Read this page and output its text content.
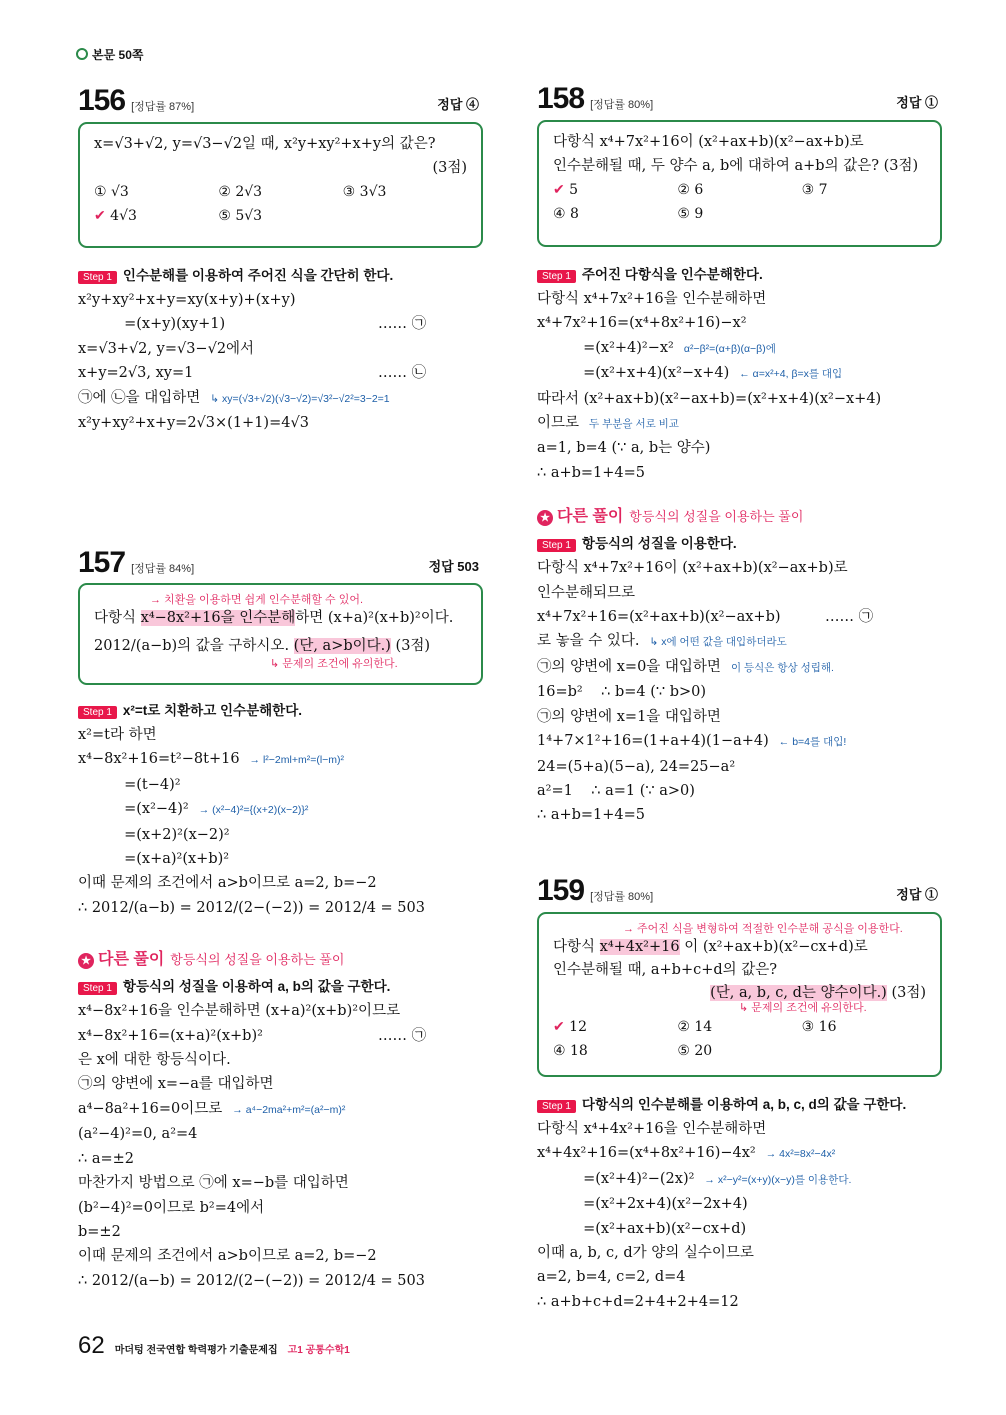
본문 50쪽
156 [정답률 87%]	정답 ④
x=√3+√2, y=√3−√2일 때, x²y+xy²+x+y의 값은?
(3점)
① √3	② 2√3	③ 3√3
✔ 4√3	⑤ 5√3
Step 1 인수분해를 이용하여 주어진 식을 간단히 한다.
x²y+xy²+x+y=xy(x+y)+(x+y)
=(x+y)(xy+1)	…… ㉠
x=√3+√2, y=√3−√2에서
x+y=2√3, xy=1	…… ㉡
㉠에 ㉡을 대입하면 ↳ xy=(√3+√2)(√3−√2)=√3²−√2²=3−2=1
x²y+xy²+x+y=2√3×(1+1)=4√3
157 [정답률 84%]	정답 503
→ 치환을 이용하면 쉽게 인수분해할 수 있어.
다항식 x⁴−8x²+16을 인수분해하면 (x+a)²(x+b)²이다.
2012/(a−b)의 값을 구하시오. (단, a>b이다.) (3점)
↳ 문제의 조건에 유의한다.
Step 1 x²=t로 치환하고 인수분해한다.
x²=t라 하면
x⁴−8x²+16=t²−8t+16 → l²−2ml+m²=(l−m)²
=(t−4)²
=(x²−4)² → (x²−4)²={(x+2)(x−2)}²
=(x+2)²(x−2)²
=(x+a)²(x+b)²
이때 문제의 조건에서 a>b이므로 a=2, b=−2
∴ 2012/(a−b) = 2012/(2−(−2)) = 2012/4 = 503
★ 다른 풀이 항등식의 성질을 이용하는 풀이
Step 1 항등식의 성질을 이용하여 a, b의 값을 구한다.
x⁴−8x²+16을 인수분해하면 (x+a)²(x+b)²이므로
x⁴−8x²+16=(x+a)²(x+b)²	…… ㉠
은 x에 대한 항등식이다.
㉠의 양변에 x=−a를 대입하면
a⁴−8a²+16=0이므로 → a⁴−2ma²+m²=(a²−m)²
(a²−4)²=0, a²=4
∴ a=±2
마찬가지 방법으로 ㉠에 x=−b를 대입하면
(b²−4)²=0이므로 b²=4에서
b=±2
이때 문제의 조건에서 a>b이므로 a=2, b=−2
∴ 2012/(a−b) = 2012/(2−(−2)) = 2012/4 = 503
158 [정답률 80%]	정답 ①
다항식 x⁴+7x²+16이 (x²+ax+b)(x²−ax+b)로
인수분해될 때, 두 양수 a, b에 대하여 a+b의 값은? (3점)
✔ 5	② 6	③ 7
④ 8	⑤ 9
Step 1 주어진 다항식을 인수분해한다.
다항식 x⁴+7x²+16을 인수분해하면
x⁴+7x²+16=(x⁴+8x²+16)−x²
=(x²+4)²−x² α²−β²=(α+β)(α−β)에
=(x²+x+4)(x²−x+4) ← α=x²+4, β=x를 대입
따라서 (x²+ax+b)(x²−ax+b)=(x²+x+4)(x²−x+4)
이므로 두 부분을 서로 비교
a=1, b=4 (∵ a, b는 양수)
∴ a+b=1+4=5
★ 다른 풀이 항등식의 성질을 이용하는 풀이
Step 1 항등식의 성질을 이용한다.
다항식 x⁴+7x²+16이 (x²+ax+b)(x²−ax+b)로
인수분해되므로
x⁴+7x²+16=(x²+ax+b)(x²−ax+b)	…… ㉠
로 놓을 수 있다. ↳ x에 어떤 값을 대입하더라도
㉠의 양변에 x=0을 대입하면 이 등식은 항상 성립해.
16=b²    ∴ b=4 (∵ b>0)
㉠의 양변에 x=1을 대입하면
1⁴+7×1²+16=(1+a+4)(1−a+4) ← b=4를 대입!
24=(5+a)(5−a), 24=25−a²
a²=1    ∴ a=1 (∵ a>0)
∴ a+b=1+4=5
159 [정답률 80%]	정답 ①
→ 주어진 식을 변형하여 적절한 인수분해 공식을 이용한다.
다항식 x⁴+4x²+16 이 (x²+ax+b)(x²−cx+d)로
인수분해될 때, a+b+c+d의 값은?
(단, a, b, c, d는 양수이다.) (3점)
↳ 문제의 조건에 유의한다.
✔ 12	② 14	③ 16
④ 18	⑤ 20
Step 1 다항식의 인수분해를 이용하여 a, b, c, d의 값을 구한다.
다항식 x⁴+4x²+16을 인수분해하면
x⁴+4x²+16=(x⁴+8x²+16)−4x² → 4x²=8x²−4x²
=(x²+4)²−(2x)² → x²−y²=(x+y)(x−y)를 이용한다.
=(x²+2x+4)(x²−2x+4)
=(x²+ax+b)(x²−cx+d)
이때 a, b, c, d가 양의 실수이므로
a=2, b=4, c=2, d=4
∴ a+b+c+d=2+4+2+4=12
62 마더텅 전국연합 학력평가 기출문제집 고1 공통수학1
